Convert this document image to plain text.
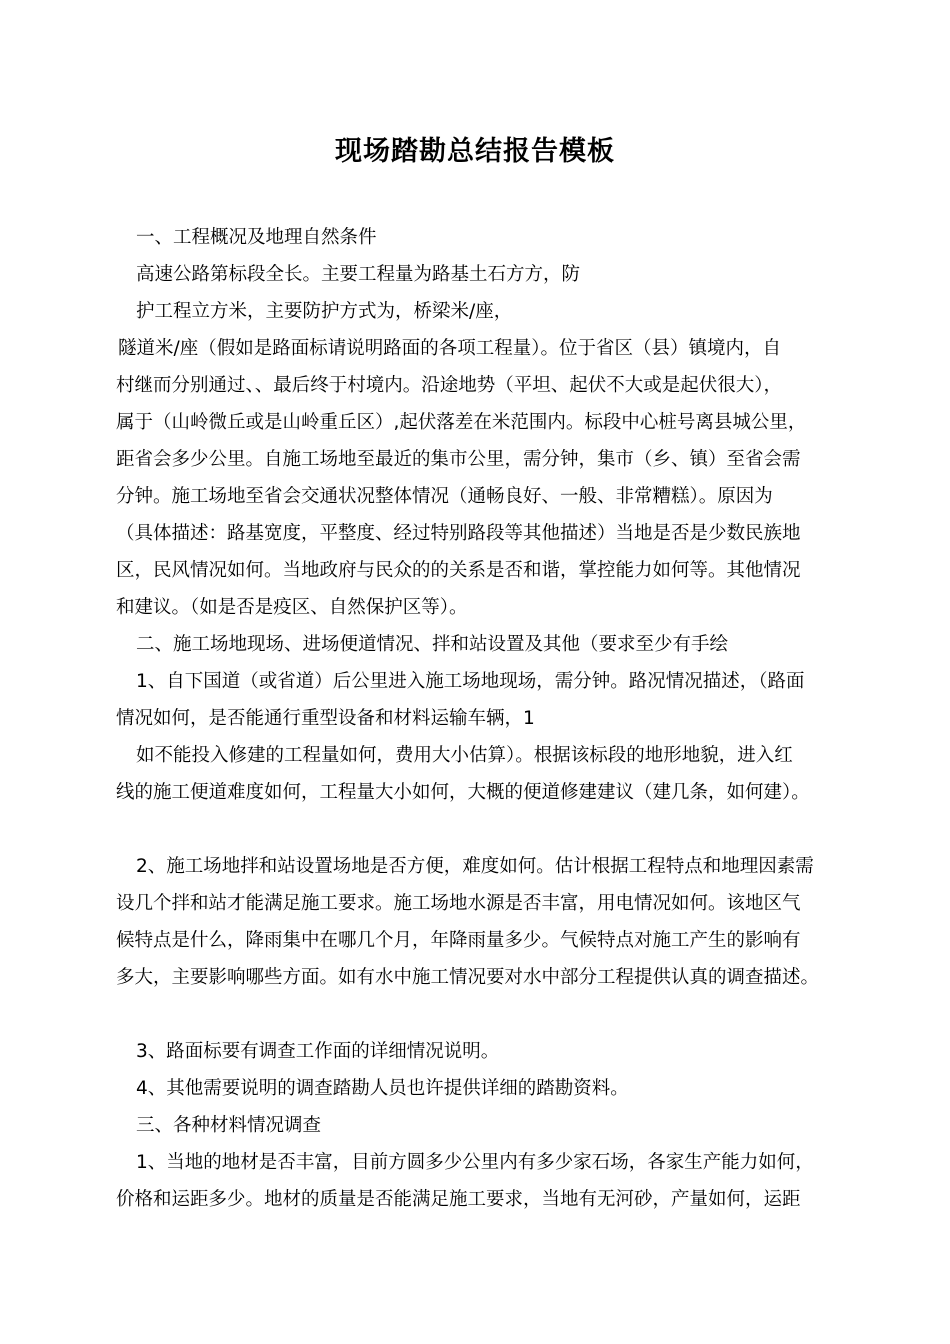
现场踏勘总结报告模板
一、工程概况及地理自然条件
高速公路第标段全长。主要工程量为路基土石方方，防
护工程立方米，主要防护方式为，桥梁米/座，
隧道米/座（假如是路面标请说明路面的各项工程量）。位于省区（县）镇境内，自
村继而分别通过、、最后终于村境内。沿途地势（平坦、起伏不大或是起伏很大），
属于（山岭微丘或是山岭重丘区）,起伏落差在米范围内。标段中心桩号离县城公里，
距省会多少公里。自施工场地至最近的集市公里，需分钟，集市（乡、镇）至省会需
分钟。施工场地至省会交通状况整体情况（通畅良好、一般、非常糟糕）。原因为
（具体描述：路基宽度，平整度、经过特别路段等其他描述）当地是否是少数民族地
区，民风情况如何。当地政府与民众的的关系是否和谐，掌控能力如何等。其他情况
和建议。（如是否是疫区、自然保护区等）。
二、施工场地现场、进场便道情况、拌和站设置及其他（要求至少有手绘
1、自下国道（或省道）后公里进入施工场地现场，需分钟。路况情况描述，（路面
情况如何，是否能通行重型设备和材料运输车辆，1
如不能投入修建的工程量如何，费用大小估算）。根据该标段的地形地貌，进入红
线的施工便道难度如何，工程量大小如何，大概的便道修建建议（建几条，如何建）。
2、施工场地拌和站设置场地是否方便，难度如何。估计根据工程特点和地理因素需
设几个拌和站才能满足施工要求。施工场地水源是否丰富，用电情况如何。该地区气
候特点是什么，降雨集中在哪几个月，年降雨量多少。气候特点对施工产生的影响有
多大，主要影响哪些方面。如有水中施工情况要对水中部分工程提供认真的调查描述。
3、路面标要有调查工作面的详细情况说明。
4、其他需要说明的调查踏勘人员也许提供详细的踏勘资料。
三、各种材料情况调查
1、当地的地材是否丰富，目前方圆多少公里内有多少家石场，各家生产能力如何，
价格和运距多少。地材的质量是否能满足施工要求，当地有无河砂，产量如何，运距
